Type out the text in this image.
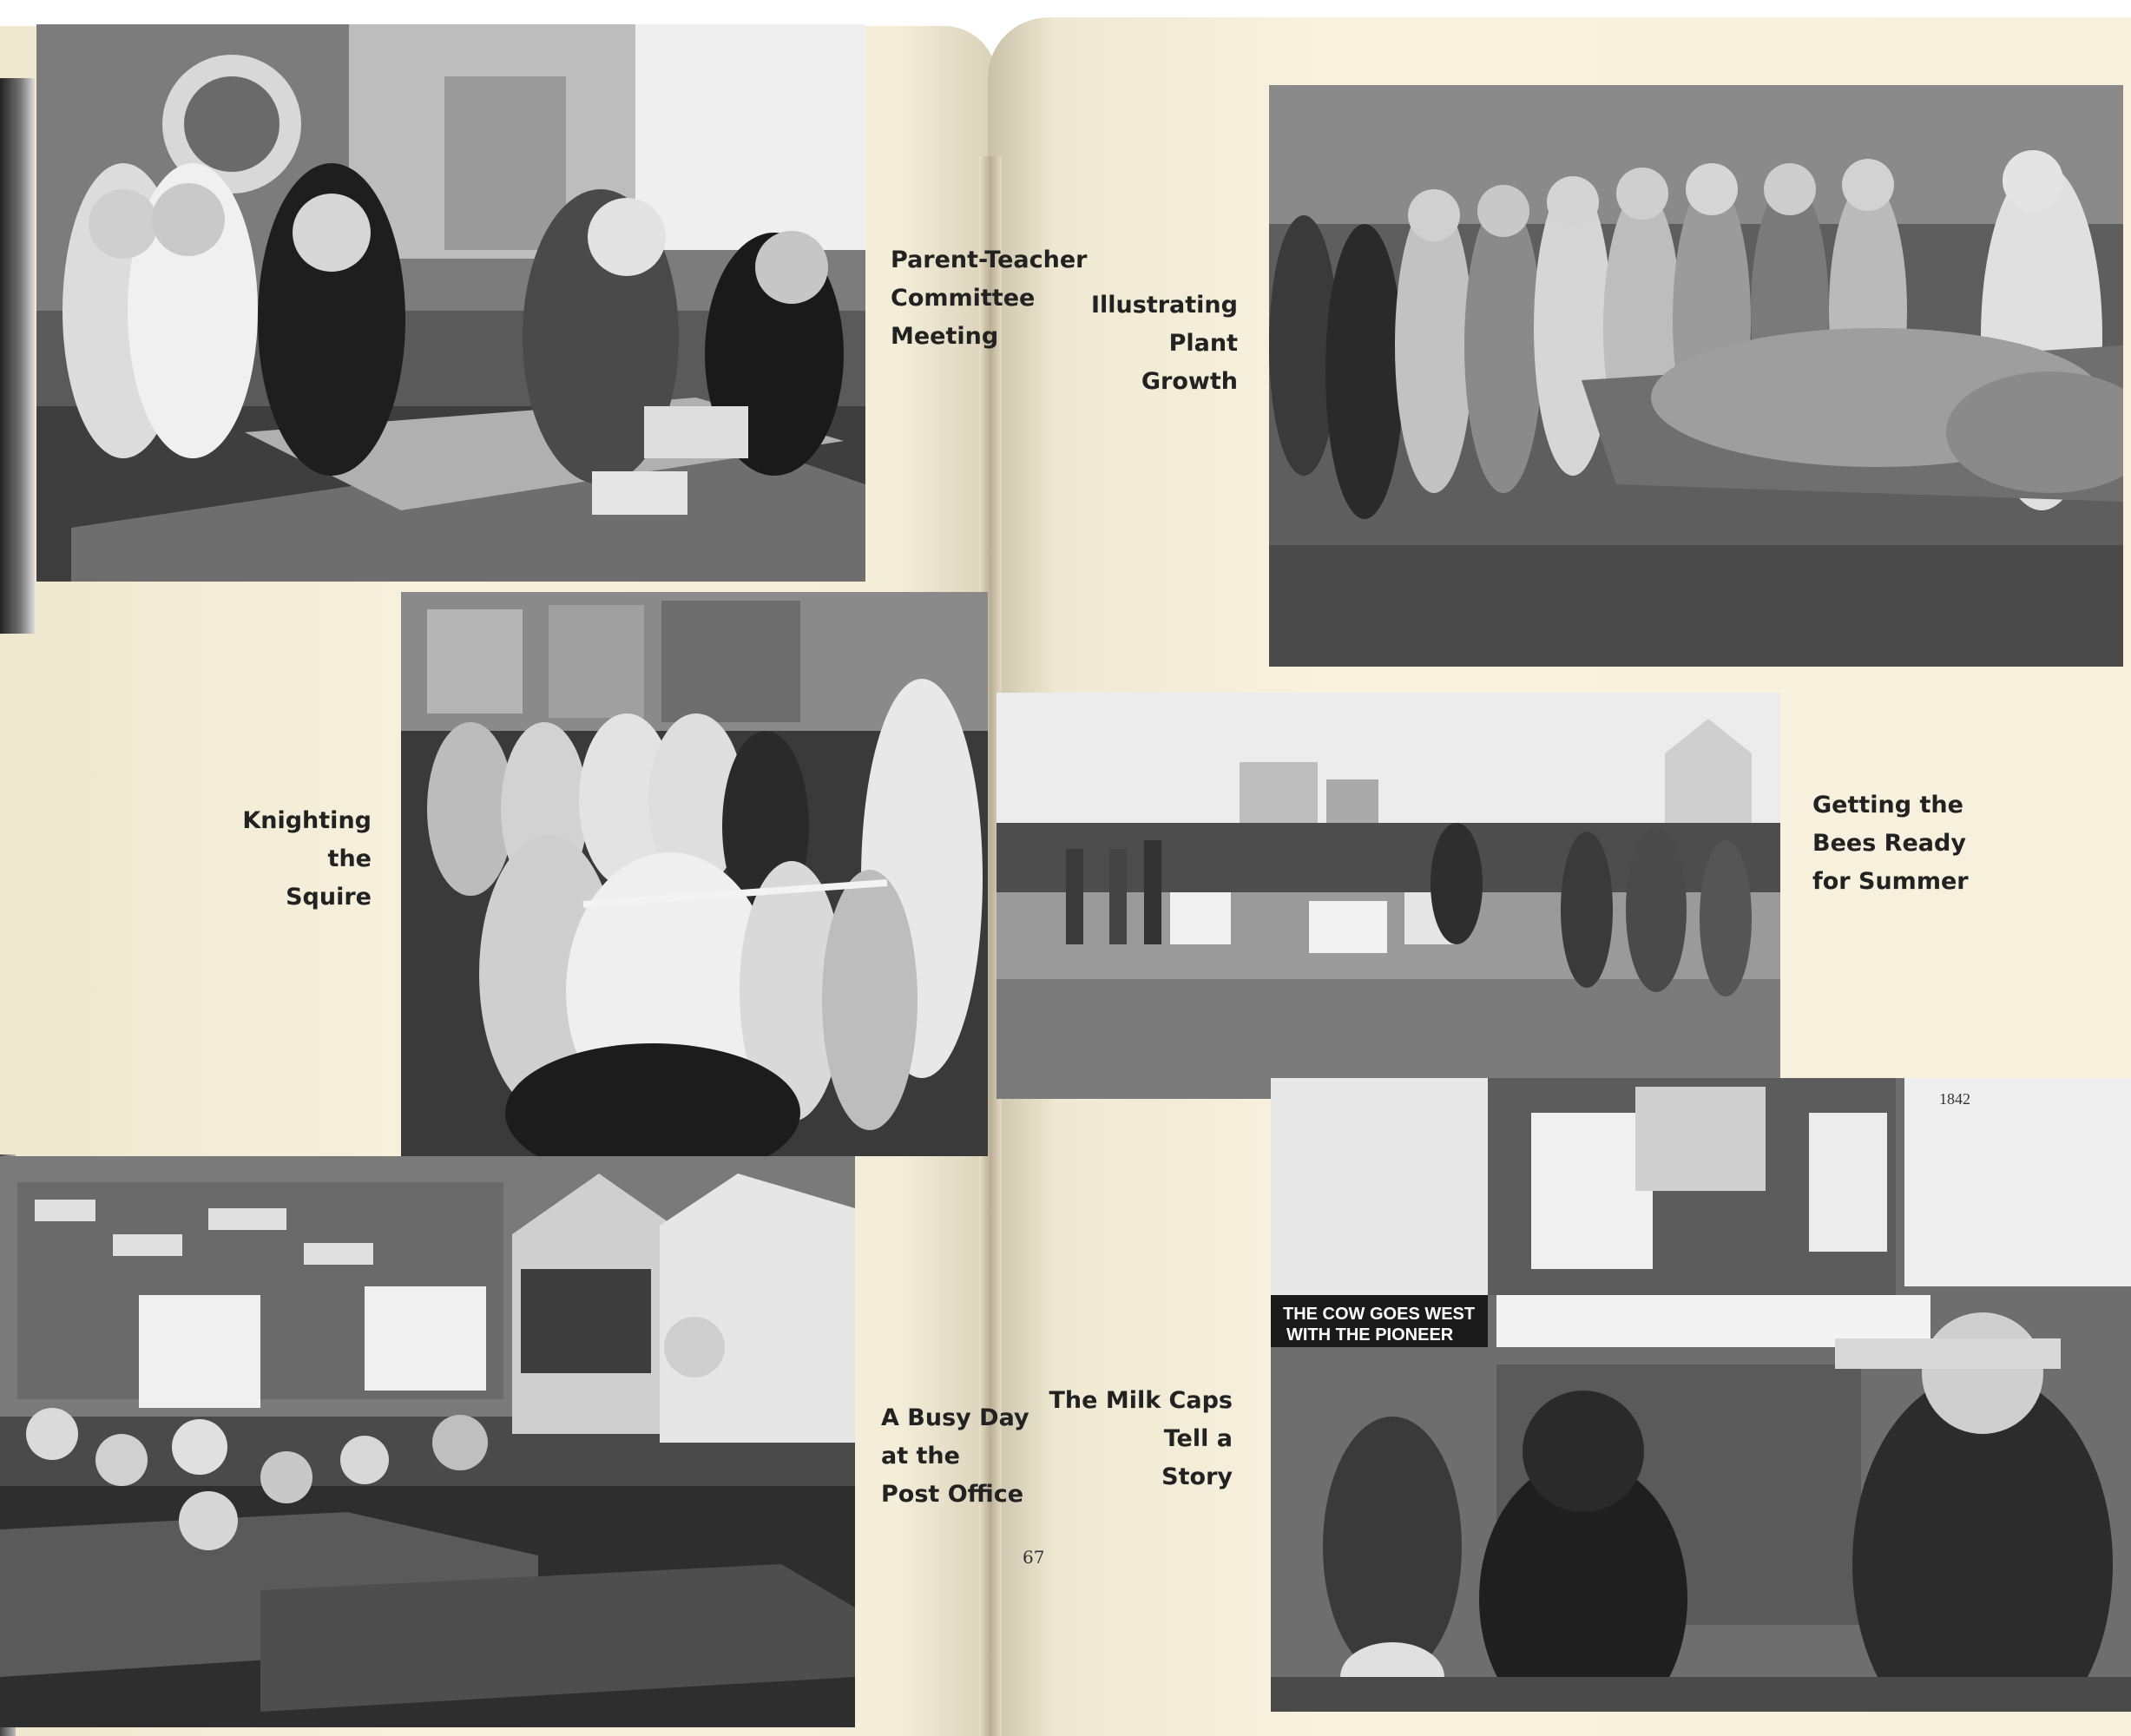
Parent-Teacher
Committee
Meeting
Knighting
the
Squire
A Busy Day
at the
Post Office
Illustrating
Plant
Growth
Getting the
Bees Ready
for Summer
THE COW GOES WEST
WITH THE PIONEER
1842
The Milk Caps
Tell a
Story
67
